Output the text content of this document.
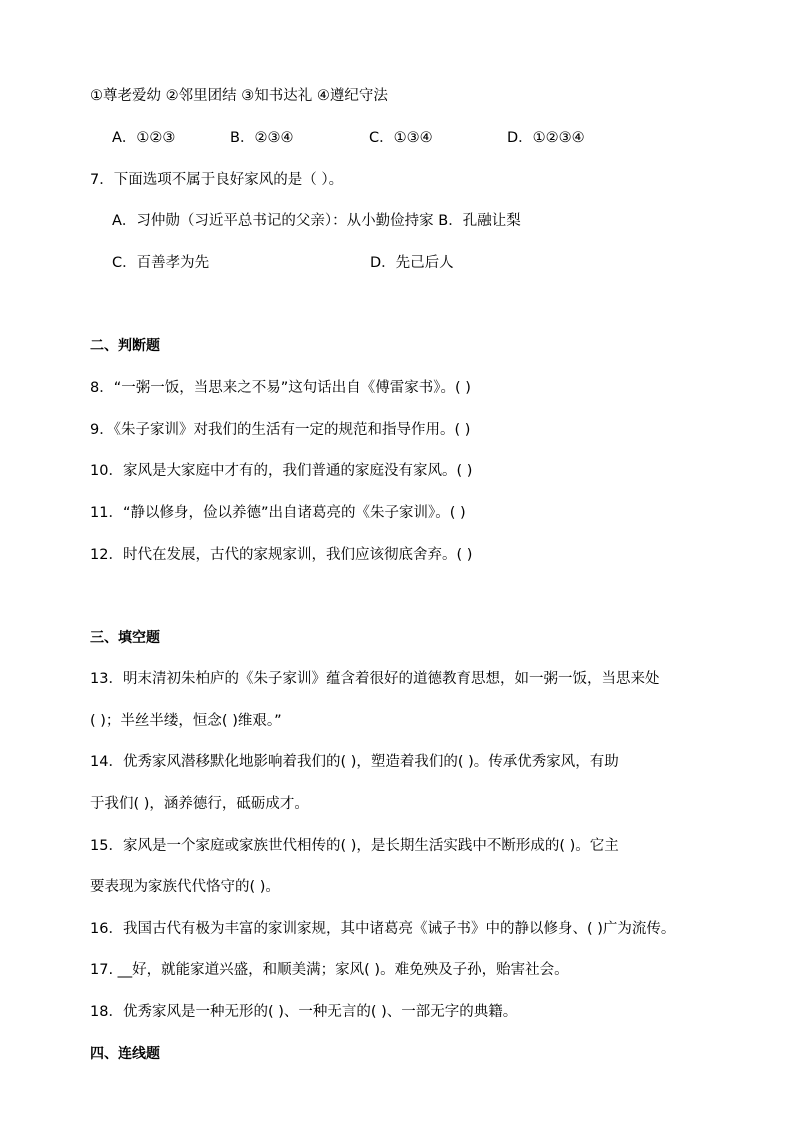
①尊老爱幼 ②邻里团结 ③知书达礼 ④遵纪守法
A．①②③	B．②③④	C．①③④	D．①②③④
7．下面选项不属于良好家风的是（ ）。
A．习仲勋（习近平总书记的父亲）：从小勤俭持家 B．孔融让梨
C．百善孝为先	D．先己后人
二、判断题
8．“一粥一饭，当思来之不易”这句话出自《傅雷家书》。( )
9．《朱子家训》对我们的生活有一定的规范和指导作用。( )
10．家风是大家庭中才有的，我们普通的家庭没有家风。( )
11．“静以修身，俭以养德”出自诸葛亮的《朱子家训》。( )
12．时代在发展，古代的家规家训，我们应该彻底舍弃。( )
三、填空题
13．明末清初朱柏庐的《朱子家训》蕴含着很好的道德教育思想，如一粥一饭，当思来处
( )；半丝半缕，恒念( )维艰。”
14．优秀家风潜移默化地影响着我们的( )，塑造着我们的( )。传承优秀家风，有助
于我们( )，涵养德行，砥砺成才。
15．家风是一个家庭或家族世代相传的( )，是长期生活实践中不断形成的( )。它主
要表现为家族代代恪守的( )。
16．我国古代有极为丰富的家训家规，其中诸葛亮《诫子书》中的静以修身、( )广为流传。
17. __好，就能家道兴盛，和顺美满；家风( )。难免殃及子孙，贻害社会。
18．优秀家风是一种无形的( )、一种无言的( )、一部无字的典籍。
四、连线题
